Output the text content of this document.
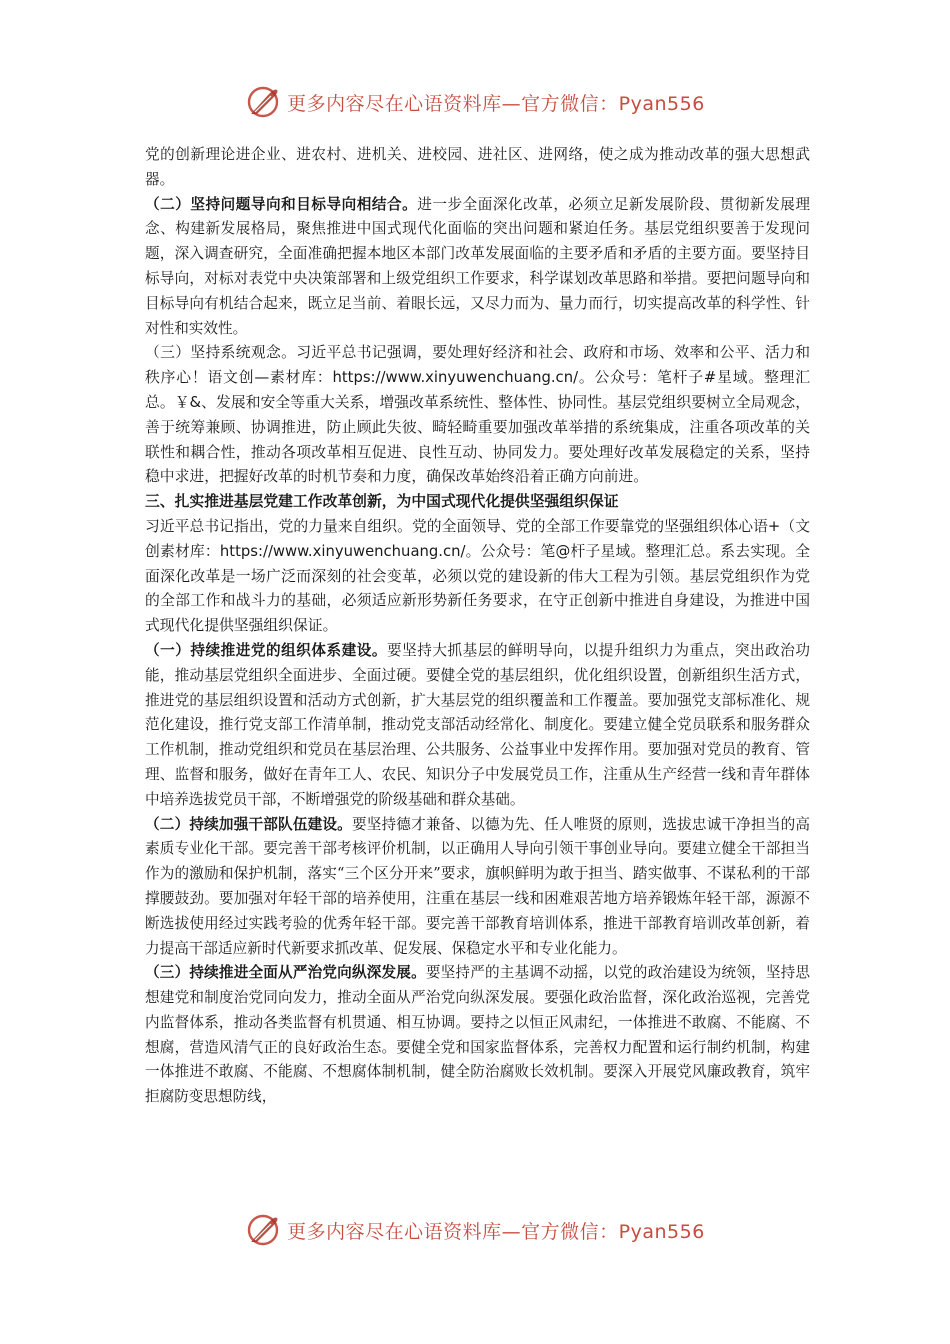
更多内容尽在心语资料库—官方微信：Pyan556

党的创新理论进企业、进农村、进机关、进校园、进社区、进网络，使之成为推动改革的强大思想武器。

（二）坚持问题导向和目标导向相结合。进一步全面深化改革，必须立足新发展阶段、贯彻新发展理念、构建新发展格局，聚焦推进中国式现代化面临的突出问题和紧迫任务。基层党组织要善于发现问题，深入调查研究，全面准确把握本地区本部门改革发展面临的主要矛盾和矛盾的主要方面。要坚持目标导向，对标对表党中央决策部署和上级党组织工作要求，科学谋划改革思路和举措。要把问题导向和目标导向有机结合起来，既立足当前、着眼长远，又尽力而为、量力而行，切实提高改革的科学性、针对性和实效性。

（三）坚持系统观念。习近平总书记强调，要处理好经济和社会、政府和市场、效率和公平、活力和秩序心！语文创—素材库：https://www.xinyuwenchuang.cn/。公众号：笔杆子#星域。整理汇总。￥&、发展和安全等重大关系，增强改革系统性、整体性、协同性。基层党组织要树立全局观念，善于统筹兼顾、协调推进，防止顾此失彼、畸轻畸重要加强改革举措的系统集成，注重各项改革的关联性和耦合性，推动各项改革相互促进、良性互动、协同发力。要处理好改革发展稳定的关系，坚持稳中求进，把握好改革的时机节奏和力度，确保改革始终沿着正确方向前进。

三、扎实推进基层党建工作改革创新，为中国式现代化提供坚强组织保证

习近平总书记指出，党的力量来自组织。党的全面领导、党的全部工作要靠党的坚强组织体心语+（文创素材库：https://www.xinyuwenchuang.cn/。公众号：笔@杆子星域。整理汇总。系去实现。全面深化改革是一场广泛而深刻的社会变革，必须以党的建设新的伟大工程为引领。基层党组织作为党的全部工作和战斗力的基础，必须适应新形势新任务要求，在守正创新中推进自身建设，为推进中国式现代化提供坚强组织保证。

（一）持续推进党的组织体系建设。要坚持大抓基层的鲜明导向，以提升组织力为重点，突出政治功能，推动基层党组织全面进步、全面过硬。要健全党的基层组织，优化组织设置，创新组织生活方式，推进党的基层组织设置和活动方式创新，扩大基层党的组织覆盖和工作覆盖。要加强党支部标准化、规范化建设，推行党支部工作清单制，推动党支部活动经常化、制度化。要建立健全党员联系和服务群众工作机制，推动党组织和党员在基层治理、公共服务、公益事业中发挥作用。要加强对党员的教育、管理、监督和服务，做好在青年工人、农民、知识分子中发展党员工作，注重从生产经营一线和青年群体中培养选拔党员干部，不断增强党的阶级基础和群众基础。

（二）持续加强干部队伍建设。要坚持德才兼备、以德为先、任人唯贤的原则，选拔忠诚干净担当的高素质专业化干部。要完善干部考核评价机制，以正确用人导向引领干事创业导向。要建立健全干部担当作为的激励和保护机制，落实“三个区分开来”要求，旗帜鲜明为敢于担当、踏实做事、不谋私利的干部撑腰鼓劲。要加强对年轻干部的培养使用，注重在基层一线和困难艰苦地方培养锻炼年轻干部，源源不断选拔使用经过实践考验的优秀年轻干部。要完善干部教育培训体系，推进干部教育培训改革创新，着力提高干部适应新时代新要求抓改革、促发展、保稳定水平和专业化能力。

（三）持续推进全面从严治党向纵深发展。要坚持严的主基调不动摇，以党的政治建设为统领，坚持思想建党和制度治党同向发力，推动全面从严治党向纵深发展。要强化政治监督，深化政治巡视，完善党内监督体系，推动各类监督有机贯通、相互协调。要持之以恒正风肃纪，一体推进不敢腐、不能腐、不想腐，营造风清气正的良好政治生态。要健全党和国家监督体系，完善权力配置和运行制约机制，构建一体推进不敢腐、不能腐、不想腐体制机制，健全防治腐败长效机制。要深入开展党风廉政教育，筑牢拒腐防变思想防线，

更多内容尽在心语资料库—官方微信：Pyan556
